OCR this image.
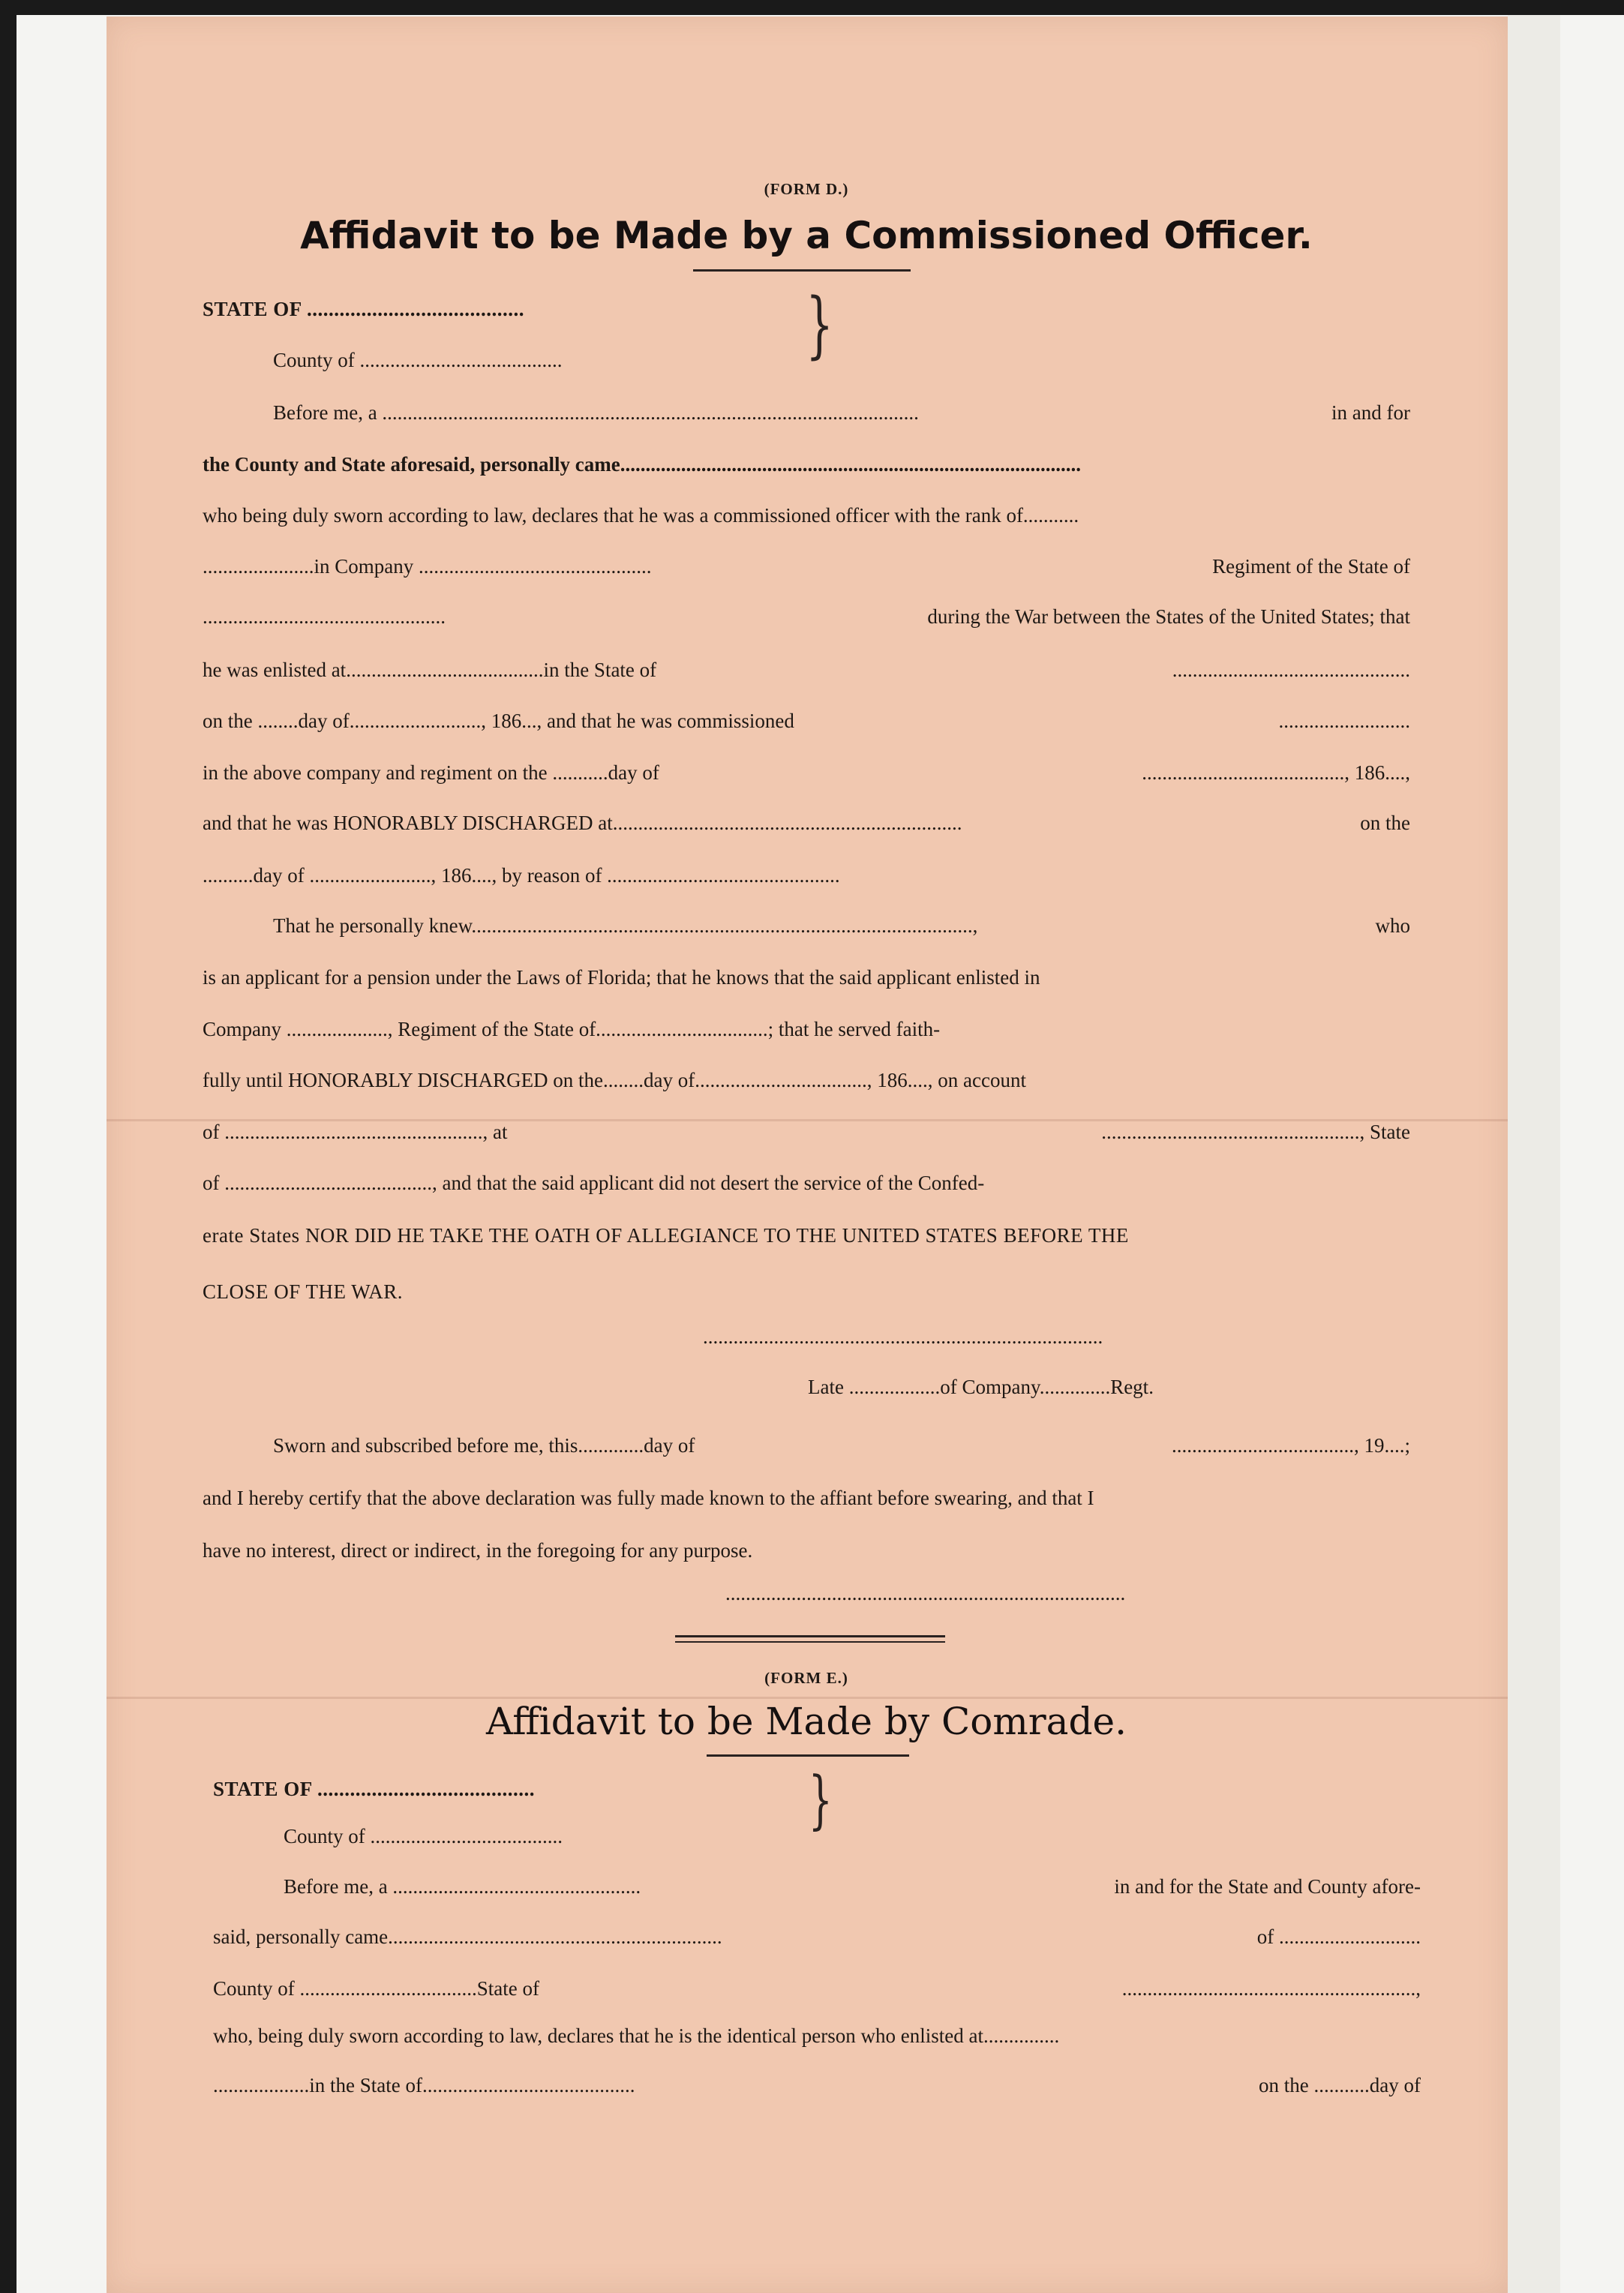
(FORM D.)
Affidavit to be Made by a Commissioned Officer.
STATE OF ........................................
County of ........................................	}
Before me, a ..........................................................................................................	in and for
the County and State aforesaid, personally came...........................................................................................
who being duly sworn according to law, declares that he was a commissioned officer with the rank of...........
......................in Company ..............................................	Regiment of the State of
................................................	during the War between the States of the United States; that
he was enlisted at.......................................in the State of	...............................................
on the ........day of.........................., 186..., and that he was commissioned	..........................
in the above company and regiment on the ...........day of	........................................, 186....,
and that he was HONORABLY DISCHARGED at.....................................................................	on the
..........day of ........................, 186...., by reason of ..............................................
That he personally knew...................................................................................................,	who
is an applicant for a pension under the Laws of Florida; that he knows that the said applicant enlisted in
Company ...................., Regiment of the State of..................................; that he served faith-
fully until HONORABLY DISCHARGED on the........day of.................................., 186...., on account
of ..................................................., at	..................................................., State
of ........................................., and that the said applicant did not desert the service of the Confed-
erate States NOR DID HE TAKE THE OATH OF ALLEGIANCE TO THE UNITED STATES BEFORE THE
CLOSE OF THE WAR.
...............................................................................
Late ..................of Company..............Regt.
Sworn and subscribed before me, this.............day of	...................................., 19....;
and I hereby certify that the above declaration was fully made known to the affiant before swearing, and that I
have no interest, direct or indirect, in the foregoing for any purpose.
...............................................................................
(FORM E.)
Affidavit to be Made by Comrade.
STATE OF ........................................
County of ......................................	}
Before me, a .................................................	in and for the State and County afore-
said, personally came..................................................................	of ............................
County of ...................................State of	..........................................................,
who, being duly sworn according to law, declares that he is the identical person who enlisted at...............
...................in the State of..........................................	on the ...........day of
